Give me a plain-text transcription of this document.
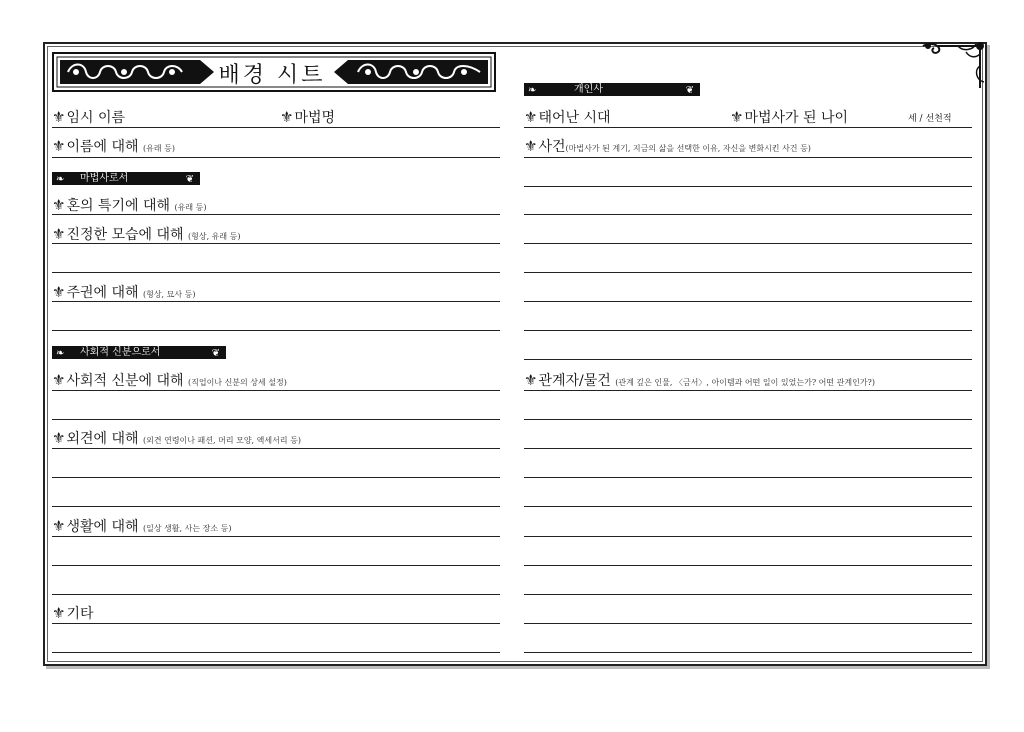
배경 시트
⚜임시 이름	⚜마법명
⚜이름에 대해 (유래 등)
❧ 마법사로서	❦
⚜혼의 특기에 대해 (유래 등)
⚜진정한 모습에 대해 (형상, 유래 등)
⚜주권에 대해 (형상, 묘사 등)
❧ 사회적 신분으로서	❦
⚜사회적 신분에 대해 (직업이나 신분의 상세 설정)
⚜외견에 대해 (외견 연령이나 패션, 머리 모양, 액세서리 등)
⚜생활에 대해 (일상 생활, 사는 장소 등)
⚜기타
❧	개인사	❦
⚜태어난 시대	⚜마법사가 된 나이	세 / 선천적
⚜사건(마법사가 된 계기, 지금의 삶을 선택한 이유, 자신을 변화시킨 사건 등)
⚜관계자/물건 (관계 깊은 인물, 〈금서〉, 아이템과 어떤 일이 있었는가? 어떤 관계인가?)
